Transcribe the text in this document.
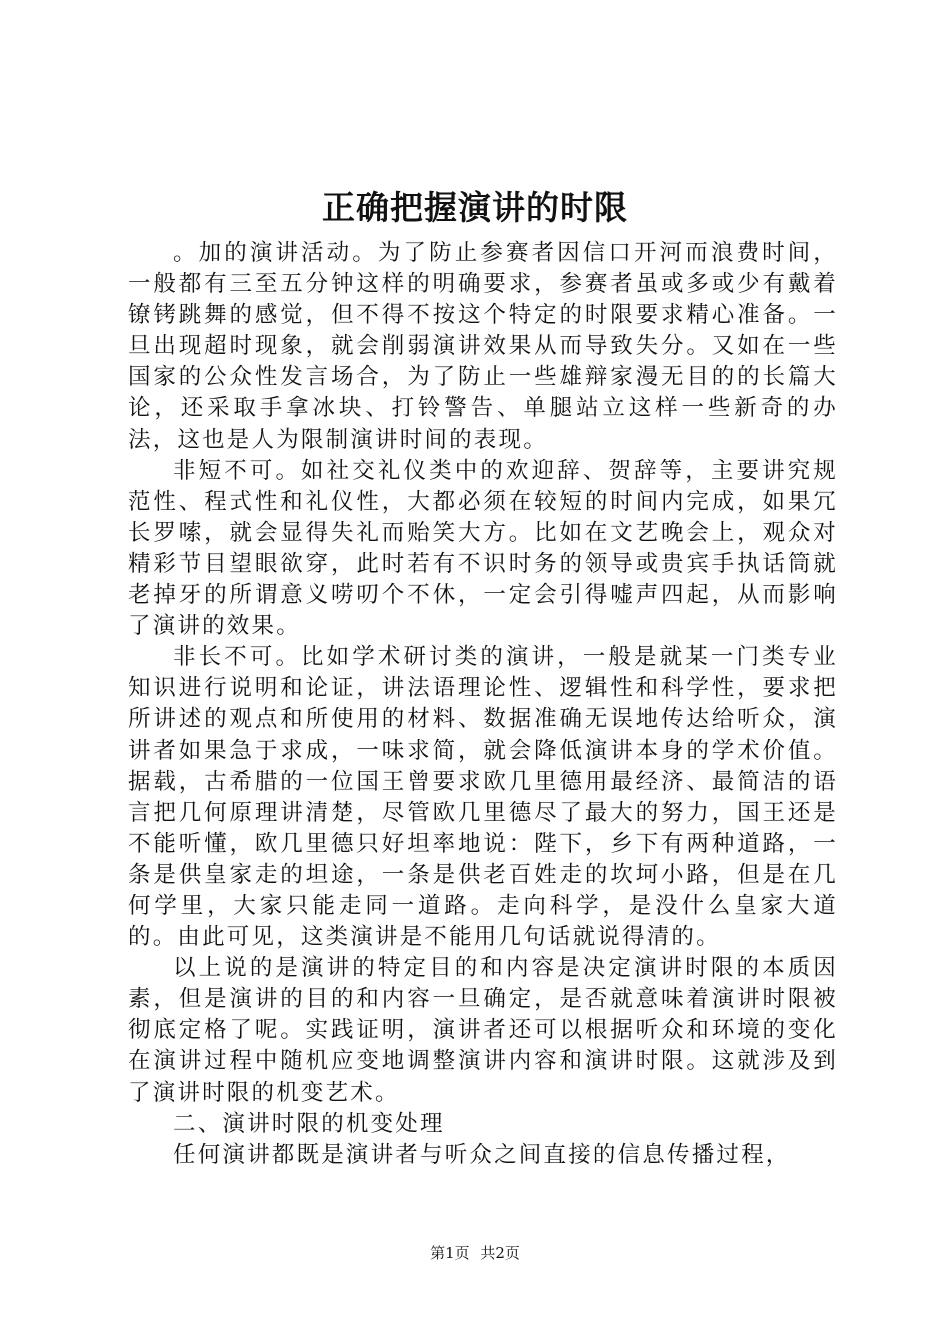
正确把握演讲的时限

。加的演讲活动。为了防止参赛者因信口开河而浪费时间，一般都有三至五分钟这样的明确要求，参赛者虽或多或少有戴着镣铐跳舞的感觉，但不得不按这个特定的时限要求精心准备。一旦出现超时现象，就会削弱演讲效果从而导致失分。又如在一些国家的公众性发言场合，为了防止一些雄辩家漫无目的的长篇大论，还采取手拿冰块、打铃警告、单腿站立这样一些新奇的办法，这也是人为限制演讲时间的表现。

非短不可。如社交礼仪类中的欢迎辞、贺辞等，主要讲究规范性、程式性和礼仪性，大都必须在较短的时间内完成，如果冗长罗嗦，就会显得失礼而贻笑大方。比如在文艺晚会上，观众对精彩节目望眼欲穿，此时若有不识时务的领导或贵宾手执话筒就老掉牙的所谓意义唠叨个不休，一定会引得嘘声四起，从而影响了演讲的效果。

非长不可。比如学术研讨类的演讲，一般是就某一门类专业知识进行说明和论证，讲法语理论性、逻辑性和科学性，要求把所讲述的观点和所使用的材料、数据准确无误地传达给听众，演讲者如果急于求成，一味求简，就会降低演讲本身的学术价值。据载，古希腊的一位国王曾要求欧几里德用最经济、最简洁的语言把几何原理讲清楚，尽管欧几里德尽了最大的努力，国王还是不能听懂，欧几里德只好坦率地说：陛下，乡下有两种道路，一条是供皇家走的坦途，一条是供老百姓走的坎坷小路，但是在几何学里，大家只能走同一道路。走向科学，是没什么皇家大道的。由此可见，这类演讲是不能用几句话就说得清的。

以上说的是演讲的特定目的和内容是决定演讲时限的本质因素，但是演讲的目的和内容一旦确定，是否就意味着演讲时限被彻底定格了呢。实践证明，演讲者还可以根据听众和环境的变化在演讲过程中随机应变地调整演讲内容和演讲时限。这就涉及到了演讲时限的机变艺术。

二、演讲时限的机变处理

任何演讲都既是演讲者与听众之间直接的信息传播过程，

第1页 共2页
